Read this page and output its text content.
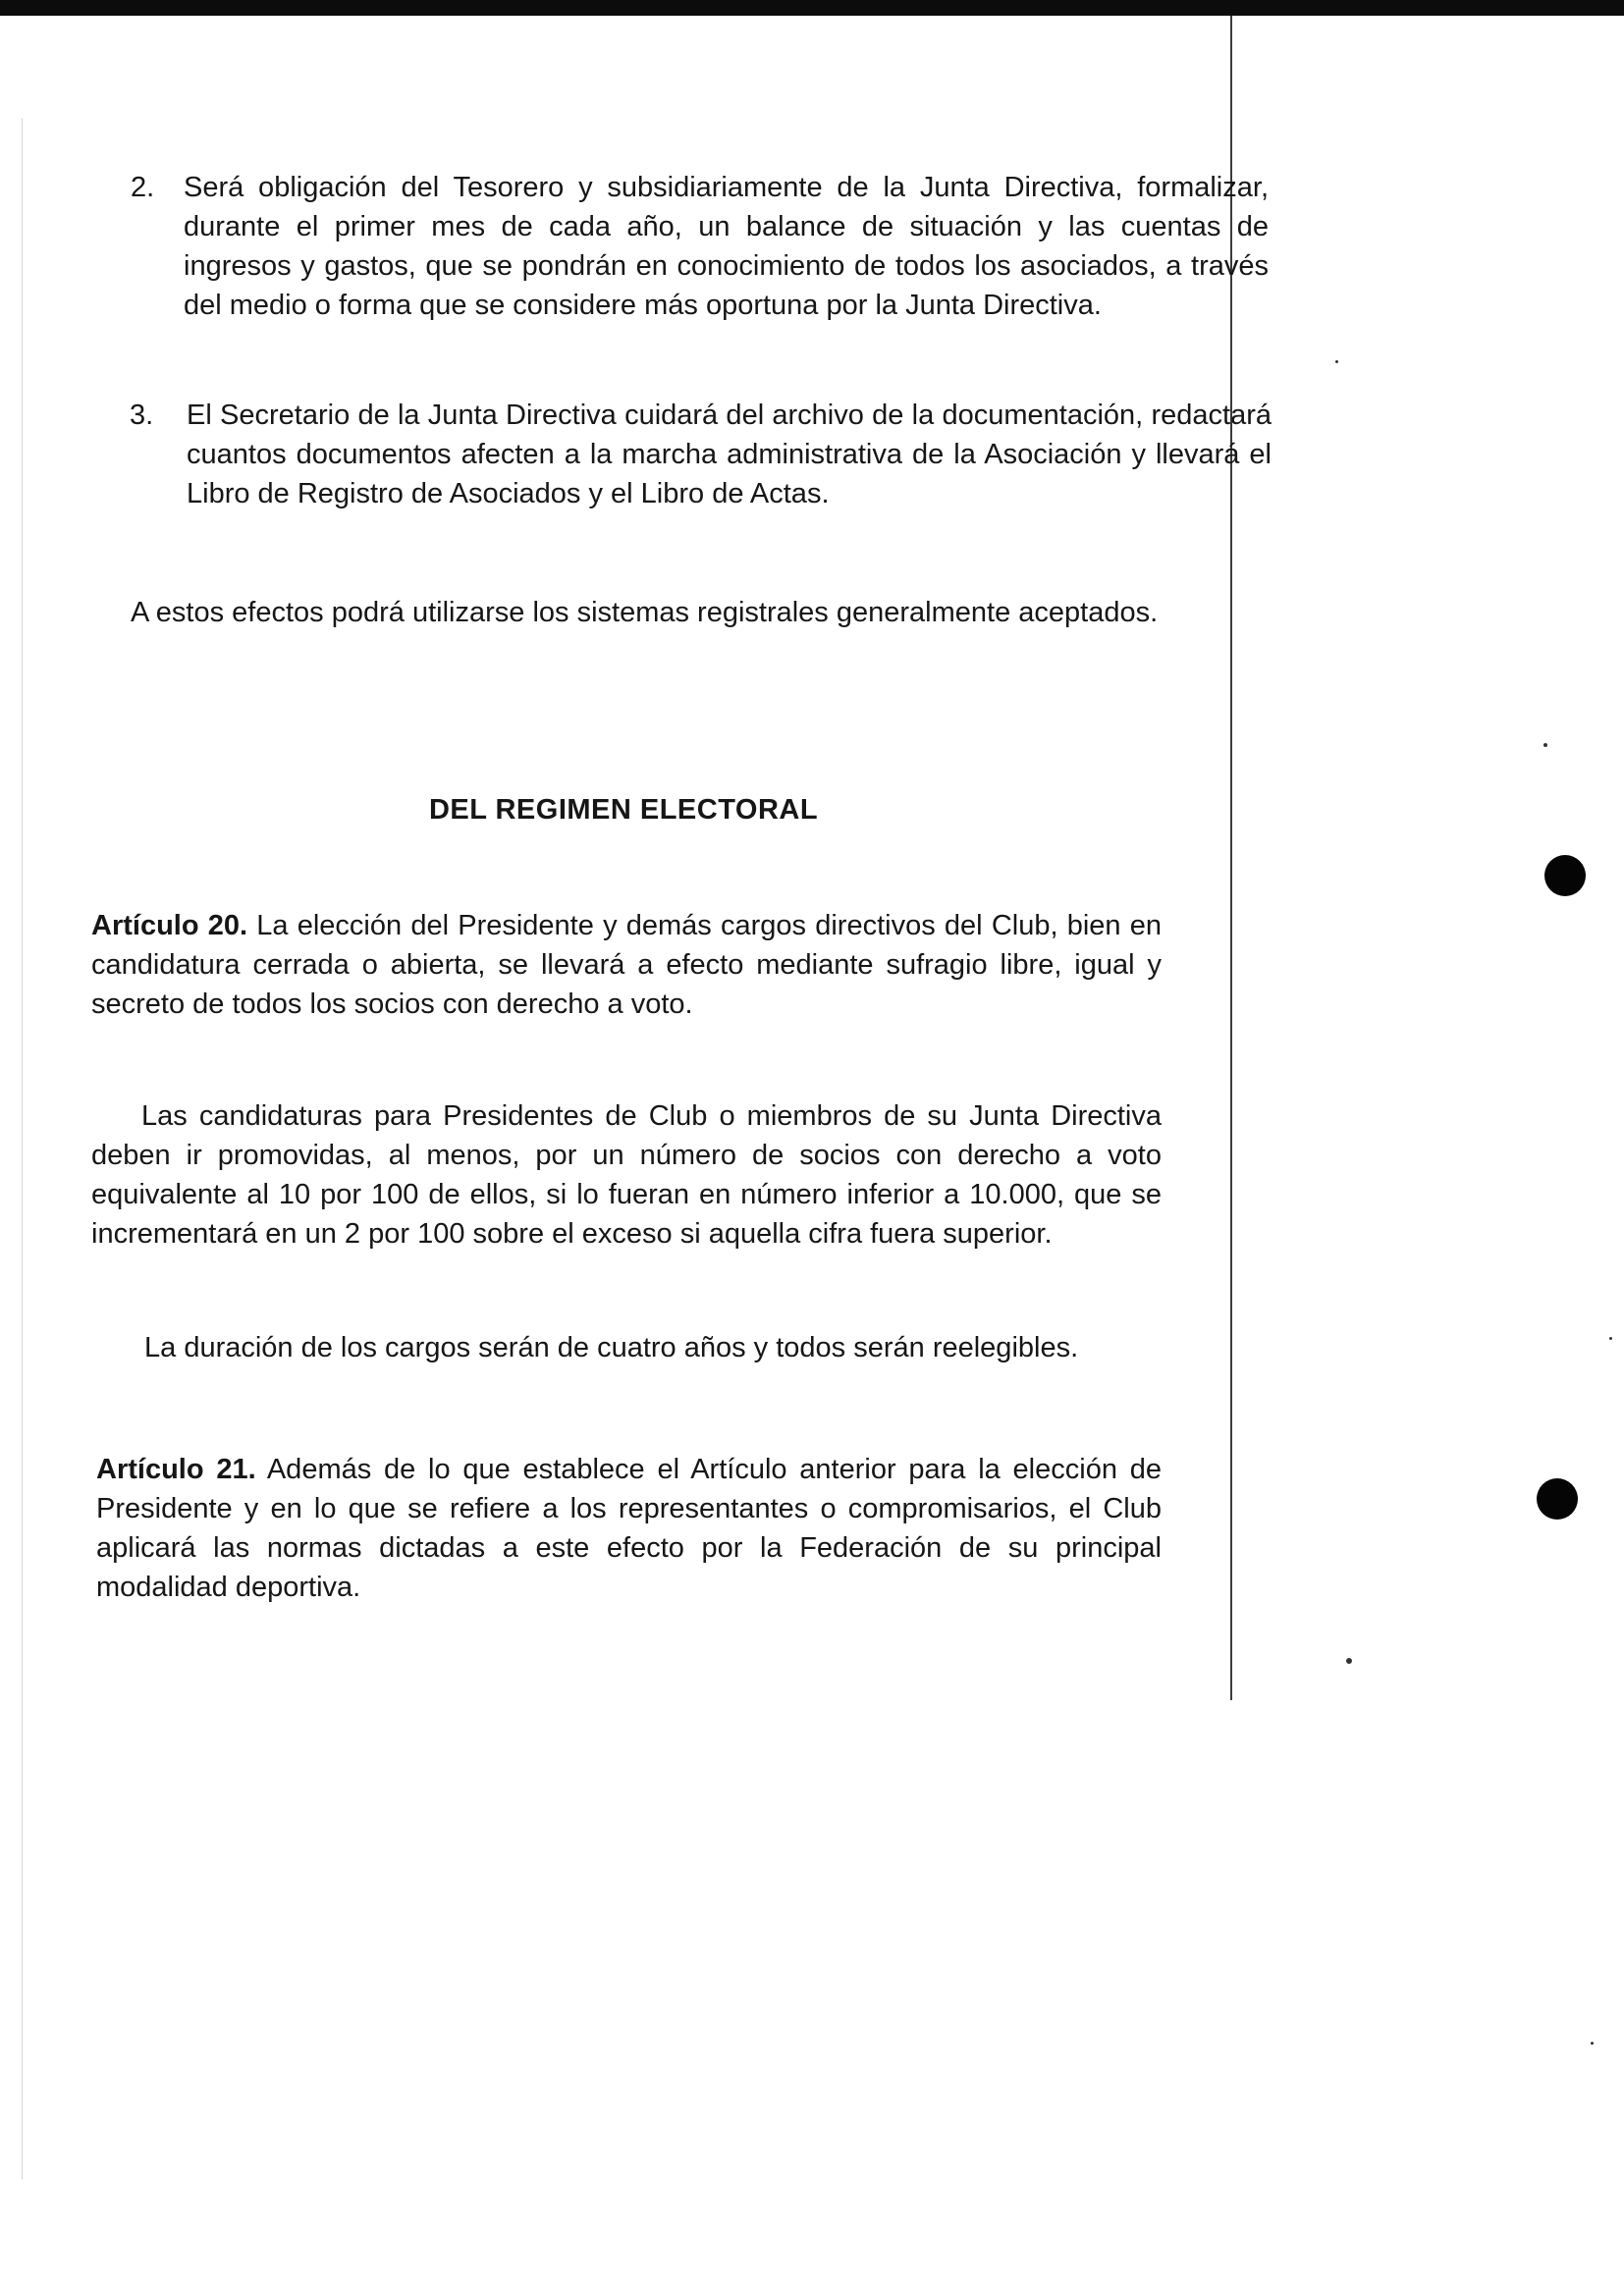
2. Será obligación del Tesorero y subsidiariamente de la Junta Directiva, formalizar, durante el primer mes de cada año, un balance de situación y las cuentas de ingresos y gastos, que se pondrán en conocimiento de todos los asociados, a través del medio o forma que se considere más oportuna por la Junta Directiva.

3. El Secretario de la Junta Directiva cuidará del archivo de la documentación, redactará cuantos documentos afecten a la marcha administrativa de la Asociación y llevará el Libro de Registro de Asociados y el Libro de Actas.

A estos efectos podrá utilizarse los sistemas registrales generalmente aceptados.

DEL REGIMEN ELECTORAL

Artículo 20. La elección del Presidente y demás cargos directivos del Club, bien en candidatura cerrada o abierta, se llevará a efecto mediante sufragio libre, igual y secreto de todos los socios con derecho a voto.

Las candidaturas para Presidentes de Club o miembros de su Junta Directiva deben ir promovidas, al menos, por un número de socios con derecho a voto equivalente al 10 por 100 de ellos, si lo fueran en número inferior a 10.000, que se incrementará en un 2 por 100 sobre el exceso si aquella cifra fuera superior.

La duración de los cargos serán de cuatro años y todos serán reelegibles.

Artículo 21. Además de lo que establece el Artículo anterior para la elección de Presidente y en lo que se refiere a los representantes o compromisarios, el Club aplicará las normas dictadas a este efecto por la Federación de su principal modalidad deportiva.
